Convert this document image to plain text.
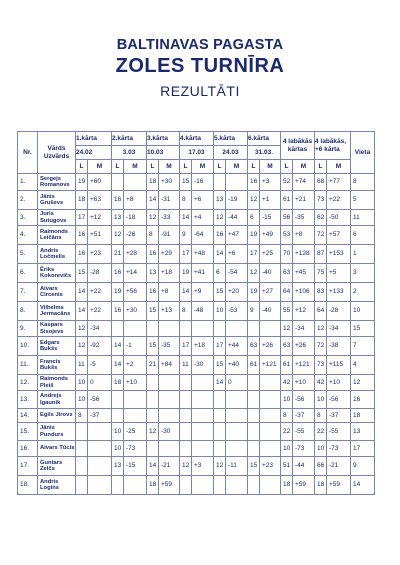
BALTINAVAS PAGASTA
ZOLES TURNĪRA
REZULTĀTI
Nr.	Vārds Uzvārds	1.kārta		2.kārta		3.kārta		4.kārta		5.kārta		6.kārta		4 labākās kārtas		4 labākās, +6 kārta		Vieta
		24.02		3.03		10.03		17.03		24.03		31.03.						
		L	M	L	M	L	M	L	M	L	M	L	M	L	M	L	M	
1.	Sergejs Romanovs	19	+60			18	+30	15	-16			16	+3	52	+74	68	+77	8
2.	Jānis Gruševs	18	+63	16	+8	14	-31	8	+6	13	-19	12	+1	61	+21	73	+22	5
3.	Juris Sutugovs	17	+12	13	-18	12	-33	14	+4	12	-44	6	-15	56	-35	62	-50	11
4.	Raimonds Leičāns	16	+51	12	-26	8	-91	9	-64	16	+47	19	+49	53	+8	72	+57	6
5.	Andris Ločmelis	16	+23	21	+28	16	+29	17	+48	14	+6	17	+25	70	+128	87	+153	1
6.	Ēriks Kokorevičs	15	-28	16	+14	13	+18	19	+41	6	-54	12	-40	63	+45	75	+5	3
7.	Aivars Circenis	14	+22	19	+56	16	+8	14	+9	15	+20	19	+27	64	+106	83	+133	2
8.	Vilhelms Jermacāns	14	+22	16	+30	15	+13	8	-48	10	-53	9	-40	55	+12	64	-28	10
9.	Kaspars Sisojevs	12	-34											12	-34	12	-34	15
10.	Edgars Bukšs	12	-92	14	-1	15	-35	17	+18	17	+44	63	+26	63	+26	72	-38	7
11.	Francis Bukšs	11	-5	14	+2	21	+84	11	-30	15	+40	61	+121	61	+121	73	+115	4
12.	Raimonds Pleiš	10	0	18	+10					14	0			42	+10	42	+10	12
13.	Andrejs Igaunik	10	-56											10	-56	10	-56	16
14.	Egils Jirovs	8	-37											8	-37	8	-37	18
15.	Jānis Pundurs			10	-25	12	-30							22	-55	22	-55	13
16.	Aivars Tūcis			10	-73									10	-73	10	-73	17
17.	Guntars Zelčs			13	-15	14	-21	12	+3	12	-11	15	+23	51	-44	66	-21	9
18.	Andris Logins					18	+59							18	+59	18	+59	14
